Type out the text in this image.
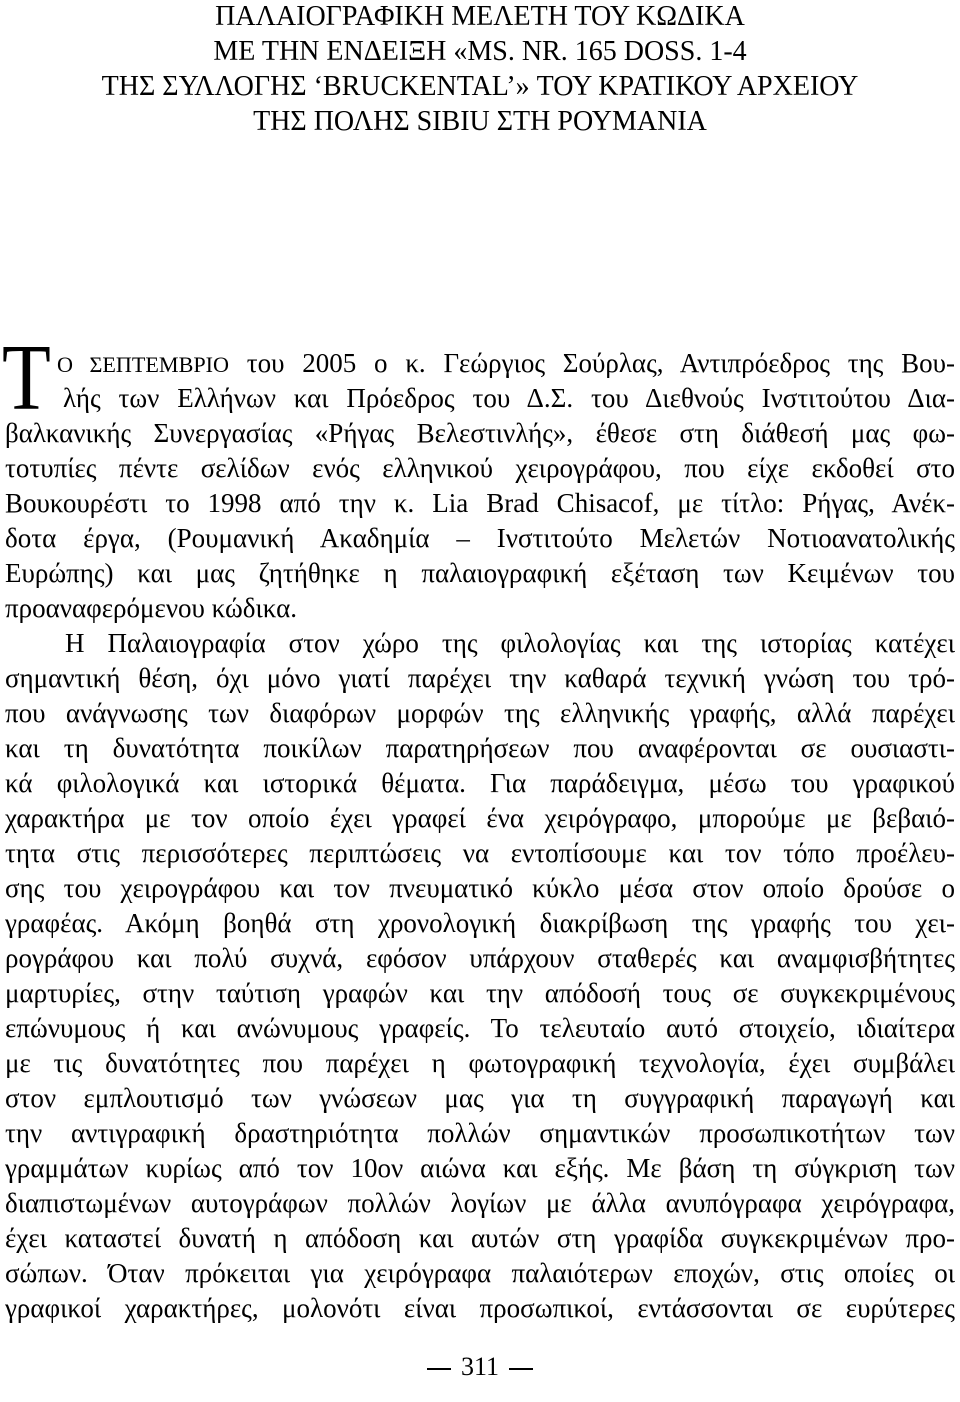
ΠΑΛΑΙΟΓΡΑΦΙΚΗ ΜΕΛΕΤΗ ΤΟΥ ΚΩΔΙΚΑ
ΜΕ ΤΗΝ ΕΝΔΕΙΞΗ «MS. NR. 165 DOSS. 1-4
ΤΗΣ ΣΥΛΛΟΓΗΣ ‘BRUCKENTAL’» ΤΟΥ ΚΡΑΤΙΚΟΥ ΑΡΧΕΙΟΥ
ΤΗΣ ΠΟΛΗΣ SIBIU ΣΤΗ ΡΟΥΜΑΝΙΑ
Τ Ο ΣΕΠΤΕΜΒΡΙΟ του 2005 ο κ. Γεώργιος Σούρλας, Αντιπρόεδρος της Βου-
λής των Ελλήνων και Πρόεδρος του Δ.Σ. του Διεθνούς Ινστιτούτου Δια-
βαλκανικής Συνεργασίας «Ρήγας Βελεστινλής», έθεσε στη διάθεσή μας φω-
τοτυπίες πέντε σελίδων ενός ελληνικού χειρογράφου, που είχε εκδοθεί στο
Βουκουρέστι το 1998 από την κ. Lia Brad Chisacof, με τίτλο: Ρήγας, Ανέκ-
δοτα έργα, (Ρουμανική Ακαδημία – Ινστιτούτο Μελετών Νοτιοανατολικής
Ευρώπης) και μας ζητήθηκε η παλαιογραφική εξέταση των Κειμένων του
προαναφερόμενου κώδικα.
Η Παλαιογραφία στον χώρο της φιλολογίας και της ιστορίας κατέχει
σημαντική θέση, όχι μόνο γιατί παρέχει την καθαρά τεχνική γνώση του τρό-
που ανάγνωσης των διαφόρων μορφών της ελληνικής γραφής, αλλά παρέχει
και τη δυνατότητα ποικίλων παρατηρήσεων που αναφέρονται σε ουσιαστι-
κά φιλολογικά και ιστορικά θέματα. Για παράδειγμα, μέσω του γραφικού
χαρακτήρα με τον οποίο έχει γραφεί ένα χειρόγραφο, μπορούμε με βεβαιό-
τητα στις περισσότερες περιπτώσεις να εντοπίσουμε και τον τόπο προέλευ-
σης του χειρογράφου και τον πνευματικό κύκλο μέσα στον οποίο δρούσε ο
γραφέας. Ακόμη βοηθά στη χρονολογική διακρίβωση της γραφής του χει-
ρογράφου και πολύ συχνά, εφόσον υπάρχουν σταθερές και αναμφισβήτητες
μαρτυρίες, στην ταύτιση γραφών και την απόδοσή τους σε συγκεκριμένους
επώνυμους ή και ανώνυμους γραφείς. Το τελευταίο αυτό στοιχείο, ιδιαίτερα
με τις δυνατότητες που παρέχει η φωτογραφική τεχνολογία, έχει συμβάλει
στον εμπλουτισμό των γνώσεων μας για τη συγγραφική παραγωγή και
την αντιγραφική δραστηριότητα πολλών σημαντικών προσωπικοτήτων των
γραμμάτων κυρίως από τον 10ον αιώνα και εξής. Με βάση τη σύγκριση των
διαπιστωμένων αυτογράφων πολλών λογίων με άλλα ανυπόγραφα χειρόγραφα,
έχει καταστεί δυνατή η απόδοση και αυτών στη γραφίδα συγκεκριμένων προ-
σώπων. Όταν πρόκειται για χειρόγραφα παλαιότερων εποχών, στις οποίες οι
γραφικοί χαρακτήρες, μολονότι είναι προσωπικοί, εντάσσονται σε ευρύτερες
311
